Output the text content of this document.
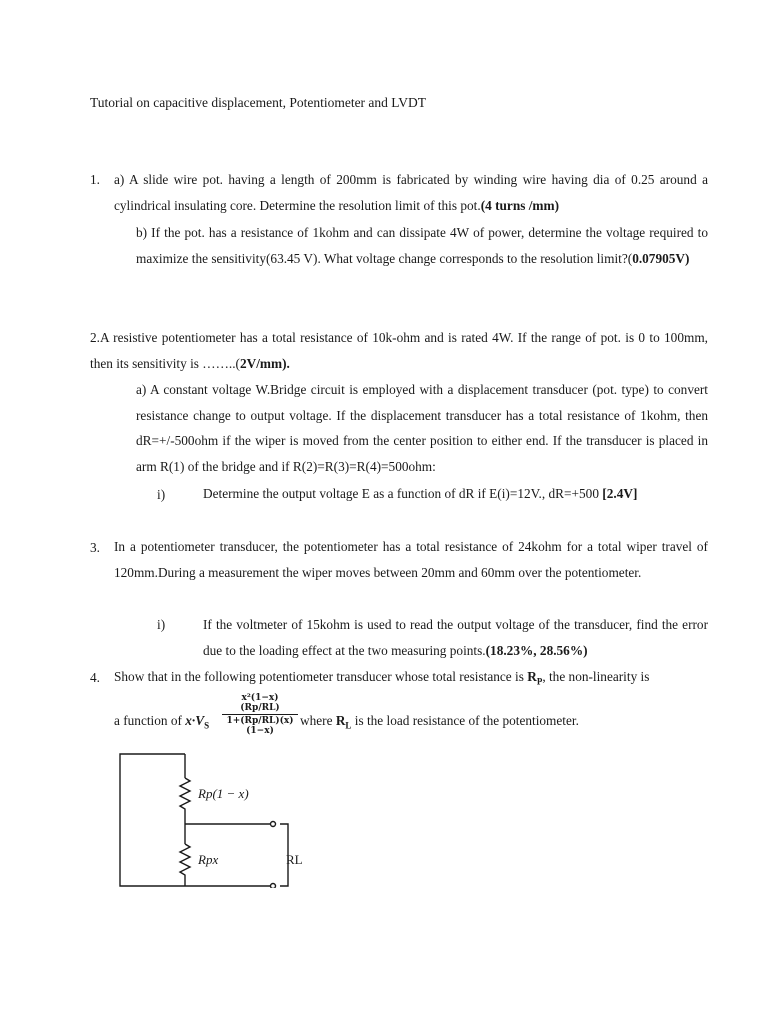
Tutorial on capacitive displacement, Potentiometer and LVDT
1. a) A slide wire pot. having a length of 200mm is fabricated by winding wire having dia of 0.25 around a cylindrical insulating core. Determine the resolution limit of this pot.(4 turns /mm)
b) If the pot. has a resistance of 1kohm and can dissipate 4W of power, determine the voltage required to maximize the sensitivity(63.45 V). What voltage change corresponds to the resolution limit?(0.07905V)
2.A resistive potentiometer has a total resistance of 10k-ohm and is rated 4W. If the range of pot. is 0 to 100mm, then its sensitivity is ……..(2V/mm).
a) A constant voltage W.Bridge circuit is employed with a displacement transducer (pot. type) to convert resistance change to output voltage. If the displacement transducer has a total resistance of 1kohm, then dR=+/-500ohm if the wiper is moved from the center position to either end. If the transducer is placed in arm R(1) of the bridge and if R(2)=R(3)=R(4)=500ohm:
i)	Determine the output voltage E as a function of dR if E(i)=12V., dR=+500 [2.4V]
3. In a potentiometer transducer, the potentiometer has a total resistance of 24kohm for a total wiper travel of 120mm.During a measurement the wiper moves between 20mm and 60mm over the potentiometer.
i)	If the voltmeter of 15kohm is used to read the output voltage of the transducer, find the error due to the loading effect at the two measuring points.(18.23%, 28.56%)
4. Show that in the following potentiometer transducer whose total resistance is $R_P$, the non-linearity is
a function of $x\cdot V_S$	$\frac{\text{x²(1−x)(Rp/RL)}}{1+(Rp/RL)(x)(1-x)}$ where $R_L$ is the load resistance of the potentiometer.
Rp(1 − x)
Rpx	RL
